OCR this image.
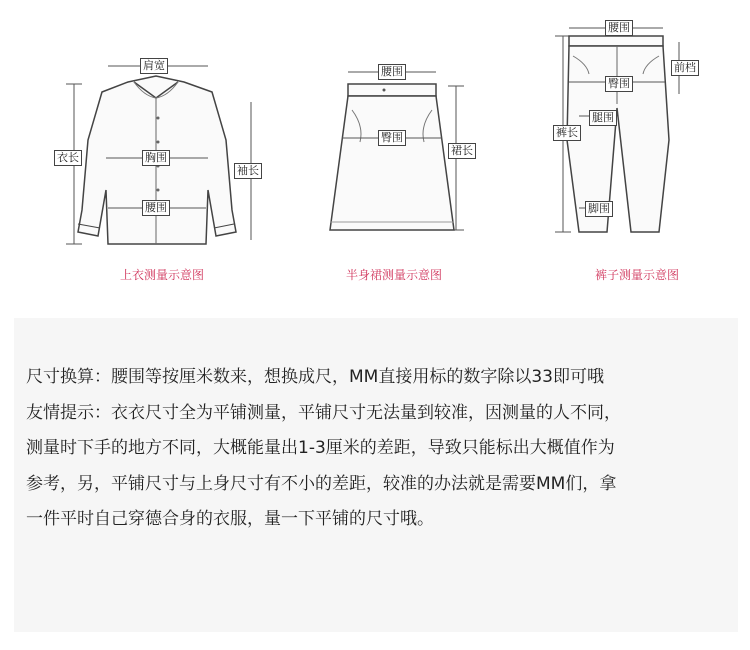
肩宽
衣长	胸围
腰围
袖长
上衣测量示意图
腰围
臀围
裙长
半身裙测量示意图
腰围
前档
臀围
腿围
裤长
脚围
裤子测量示意图

尺寸换算：腰围等按厘米数来，想换成尺，MM直接用标的数字除以33即可哦

友情提示：衣衣尺寸全为平铺测量，平铺尺寸无法量到较准，因测量的人不同，

测量时下手的地方不同，大概能量出1-3厘米的差距，导致只能标出大概值作为

参考，另，平铺尺寸与上身尺寸有不小的差距，较准的办法就是需要MM们，拿

一件平时自己穿德合身的衣服，量一下平铺的尺寸哦。
